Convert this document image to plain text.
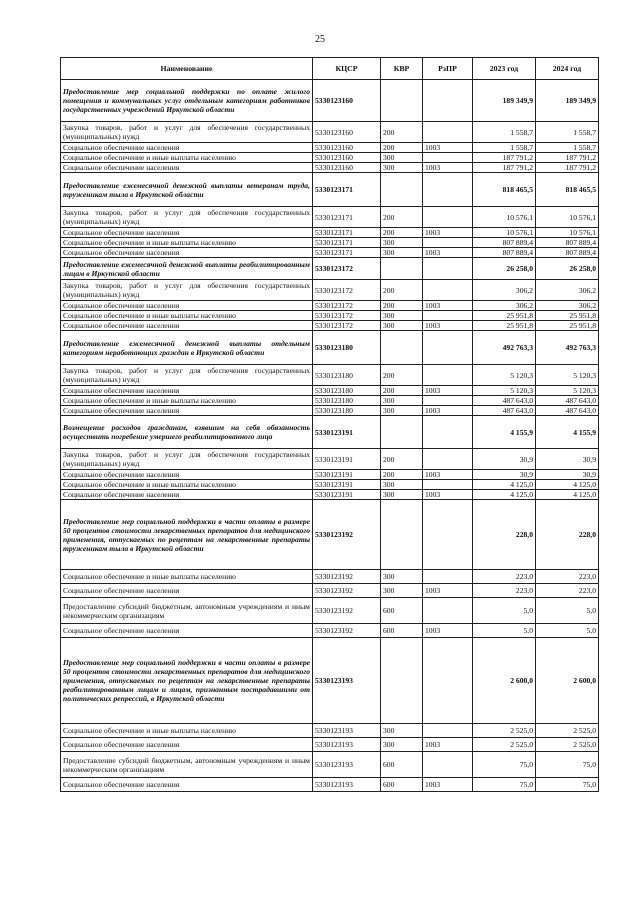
25
Наименование	КЦСР	КВР	РзПР	2023 год	2024 год
Предоставление мер социальной поддержки по оплате жилого помещения и коммунальных услуг отдельным категориям работников государственных учреждений Иркутской области	5330123160			189 349,9	189 349,9
Закупка товаров, работ и услуг для обеспечения государственных (муниципальных) нужд	5330123160	200		1 558,7	1 558,7
Социальное обеспечение населения	5330123160	200	1003	1 558,7	1 558,7
Социальное обеспечение и иные выплаты населению	5330123160	300		187 791,2	187 791,2
Социальное обеспечение населения	5330123160	300	1003	187 791,2	187 791,2
Предоставление ежемесячной денежной выплаты ветеранам труда, труженикам тыла в Иркутской области	5330123171			818 465,5	818 465,5
Закупка товаров, работ и услуг для обеспечения государственных (муниципальных) нужд	5330123171	200		10 576,1	10 576,1
Социальное обеспечение населения	5330123171	200	1003	10 576,1	10 576,1
Социальное обеспечение и иные выплаты населению	5330123171	300		807 889,4	807 889,4
Социальное обеспечение населения	5330123171	300	1003	807 889,4	807 889,4
Предоставление ежемесячной денежной выплаты реабилитированным лицам в Иркутской области	5330123172			26 258,0	26 258,0
Закупка товаров, работ и услуг для обеспечения государственных (муниципальных) нужд	5330123172	200		306,2	306,2
Социальное обеспечение населения	5330123172	200	1003	306,2	306,2
Социальное обеспечение и иные выплаты населению	5330123172	300		25 951,8	25 951,8
Социальное обеспечение населения	5330123172	300	1003	25 951,8	25 951,8
Предоставление ежемесячной денежной выплаты отдельным категориям неработающих граждан в Иркутской области	5330123180			492 763,3	492 763,3
Закупка товаров, работ и услуг для обеспечения государственных (муниципальных) нужд	5330123180	200		5 120,3	5 120,3
Социальное обеспечение населения	5330123180	200	1003	5 120,3	5 120,3
Социальное обеспечение и иные выплаты населению	5330123180	300		487 643,0	487 643,0
Социальное обеспечение населения	5330123180	300	1003	487 643,0	487 643,0
Возмещение расходов гражданам, взявшим на себя обязанность осуществить погребение умершего реабилитированного лица	5330123191			4 155,9	4 155,9
Закупка товаров, работ и услуг для обеспечения государственных (муниципальных) нужд	5330123191	200		30,9	30,9
Социальное обеспечение населения	5330123191	200	1003	30,9	30,9
Социальное обеспечение и иные выплаты населению	5330123191	300		4 125,0	4 125,0
Социальное обеспечение населения	5330123191	300	1003	4 125,0	4 125,0
Предоставление мер социальной поддержки в части оплаты в размере 50 процентов стоимости лекарственных препаратов для медицинского применения, отпускаемых по рецептам на лекарственные препараты труженикам тыла в Иркутской области	5330123192			228,0	228,0
Социальное обеспечение и иные выплаты населению	5330123192	300		223,0	223,0
Социальное обеспечение населения	5330123192	300	1003	223,0	223,0
Предоставление субсидий бюджетным, автономным учреждениям и иным некоммерческим организациям	5330123192	600		5,0	5,0
Социальное обеспечение населения	5330123192	600	1003	5,0	5,0
Предоставление мер социальной поддержки в части оплаты в размере 50 процентов стоимости лекарственных препаратов для медицинского применения, отпускаемых по рецептам на лекарственные препараты реабилитированным лицам и лицам, признанным пострадавшими от политических репрессий, в Иркутской области	5330123193			2 600,0	2 600,0
Социальное обеспечение и иные выплаты населению	5330123193	300		2 525,0	2 525,0
Социальное обеспечение населения	5330123193	300	1003	2 525,0	2 525,0
Предоставление субсидий бюджетным, автономным учреждениям и иным некоммерческим организациям	5330123193	600		75,0	75,0
Социальное обеспечение населения	5330123193	600	1003	75,0	75,0
